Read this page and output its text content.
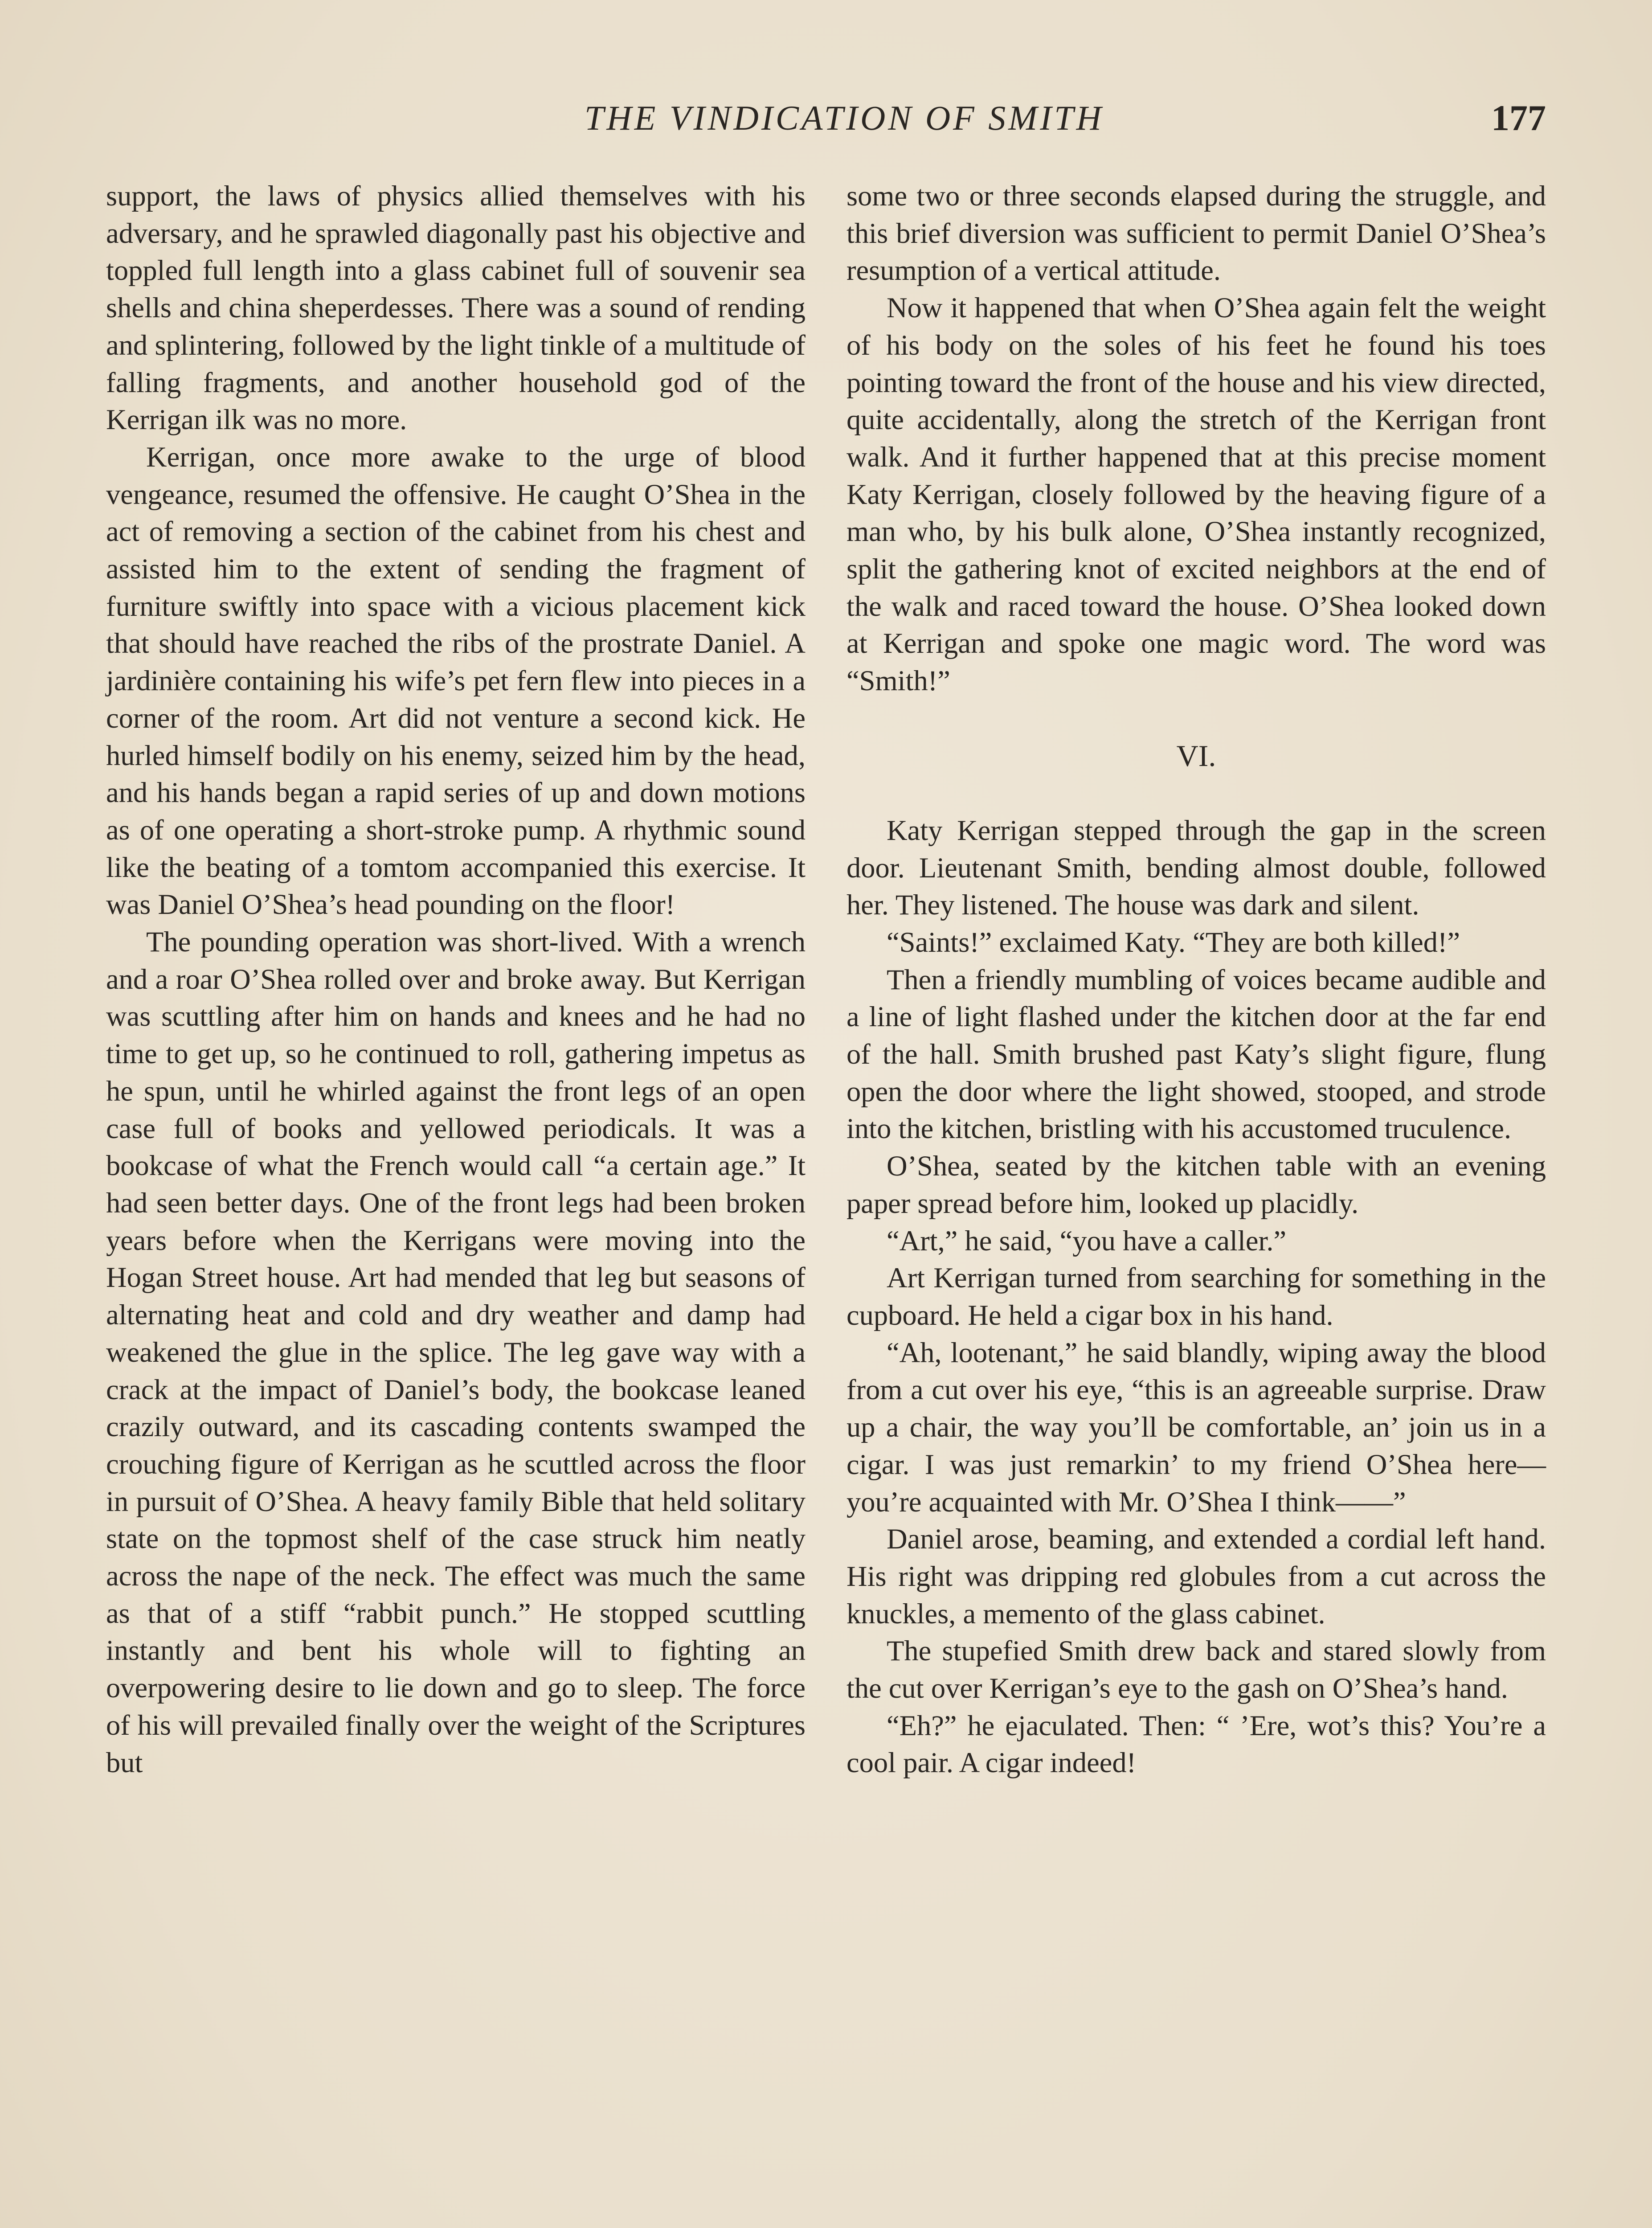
THE VINDICATION OF SMITH	177

support, the laws of physics allied themselves with his adversary, and he sprawled diagonally past his objective and toppled full length into a glass cabinet full of souvenir sea shells and china sheperdesses. There was a sound of rending and splintering, followed by the light tinkle of a multitude of falling fragments, and another household god of the Kerrigan ilk was no more.

Kerrigan, once more awake to the urge of blood vengeance, resumed the offensive. He caught O’Shea in the act of removing a section of the cabinet from his chest and assisted him to the extent of sending the fragment of furniture swiftly into space with a vicious placement kick that should have reached the ribs of the prostrate Daniel. A jardinière containing his wife’s pet fern flew into pieces in a corner of the room. Art did not venture a second kick. He hurled himself bodily on his enemy, seized him by the head, and his hands began a rapid series of up and down motions as of one operating a short-stroke pump. A rhythmic sound like the beating of a tomtom accompanied this exercise. It was Daniel O’Shea’s head pounding on the floor!

The pounding operation was short-lived. With a wrench and a roar O’Shea rolled over and broke away. But Kerrigan was scuttling after him on hands and knees and he had no time to get up, so he continued to roll, gathering impetus as he spun, until he whirled against the front legs of an open case full of books and yellowed periodicals. It was a bookcase of what the French would call “a certain age.” It had seen better days. One of the front legs had been broken years before when the Kerrigans were moving into the Hogan Street house. Art had mended that leg but seasons of alternating heat and cold and dry weather and damp had weakened the glue in the splice. The leg gave way with a crack at the impact of Daniel’s body, the bookcase leaned crazily outward, and its cascading contents swamped the crouching figure of Kerrigan as he scuttled across the floor in pursuit of O’Shea. A heavy family Bible that held solitary state on the topmost shelf of the case struck him neatly across the nape of the neck. The effect was much the same as that of a stiff “rabbit punch.” He stopped scuttling instantly and bent his whole will to fighting an overpowering desire to lie down and go to sleep. The force of his will prevailed finally over the weight of the Scriptures but

some two or three seconds elapsed during the struggle, and this brief diversion was sufficient to permit Daniel O’Shea’s resumption of a vertical attitude.

Now it happened that when O’Shea again felt the weight of his body on the soles of his feet he found his toes pointing toward the front of the house and his view directed, quite accidentally, along the stretch of the Kerrigan front walk. And it further happened that at this precise moment Katy Kerrigan, closely followed by the heaving figure of a man who, by his bulk alone, O’Shea instantly recognized, split the gathering knot of excited neighbors at the end of the walk and raced toward the house. O’Shea looked down at Kerrigan and spoke one magic word. The word was “Smith!”

VI.

Katy Kerrigan stepped through the gap in the screen door. Lieutenant Smith, bending almost double, followed her. They listened. The house was dark and silent.

“Saints!” exclaimed Katy. “They are both killed!”

Then a friendly mumbling of voices became audible and a line of light flashed under the kitchen door at the far end of the hall. Smith brushed past Katy’s slight figure, flung open the door where the light showed, stooped, and strode into the kitchen, bristling with his accustomed truculence.

O’Shea, seated by the kitchen table with an evening paper spread before him, looked up placidly.

“Art,” he said, “you have a caller.”

Art Kerrigan turned from searching for something in the cupboard. He held a cigar box in his hand.

“Ah, lootenant,” he said blandly, wiping away the blood from a cut over his eye, “this is an agreeable surprise. Draw up a chair, the way you’ll be comfortable, an’ join us in a cigar. I was just remarkin’ to my friend O’Shea here—you’re acquainted with Mr. O’Shea I think——”

Daniel arose, beaming, and extended a cordial left hand. His right was dripping red globules from a cut across the knuckles, a memento of the glass cabinet.

The stupefied Smith drew back and stared slowly from the cut over Kerrigan’s eye to the gash on O’Shea’s hand.

“Eh?” he ejaculated. Then: “ ’Ere, wot’s this? You’re a cool pair. A cigar indeed!
